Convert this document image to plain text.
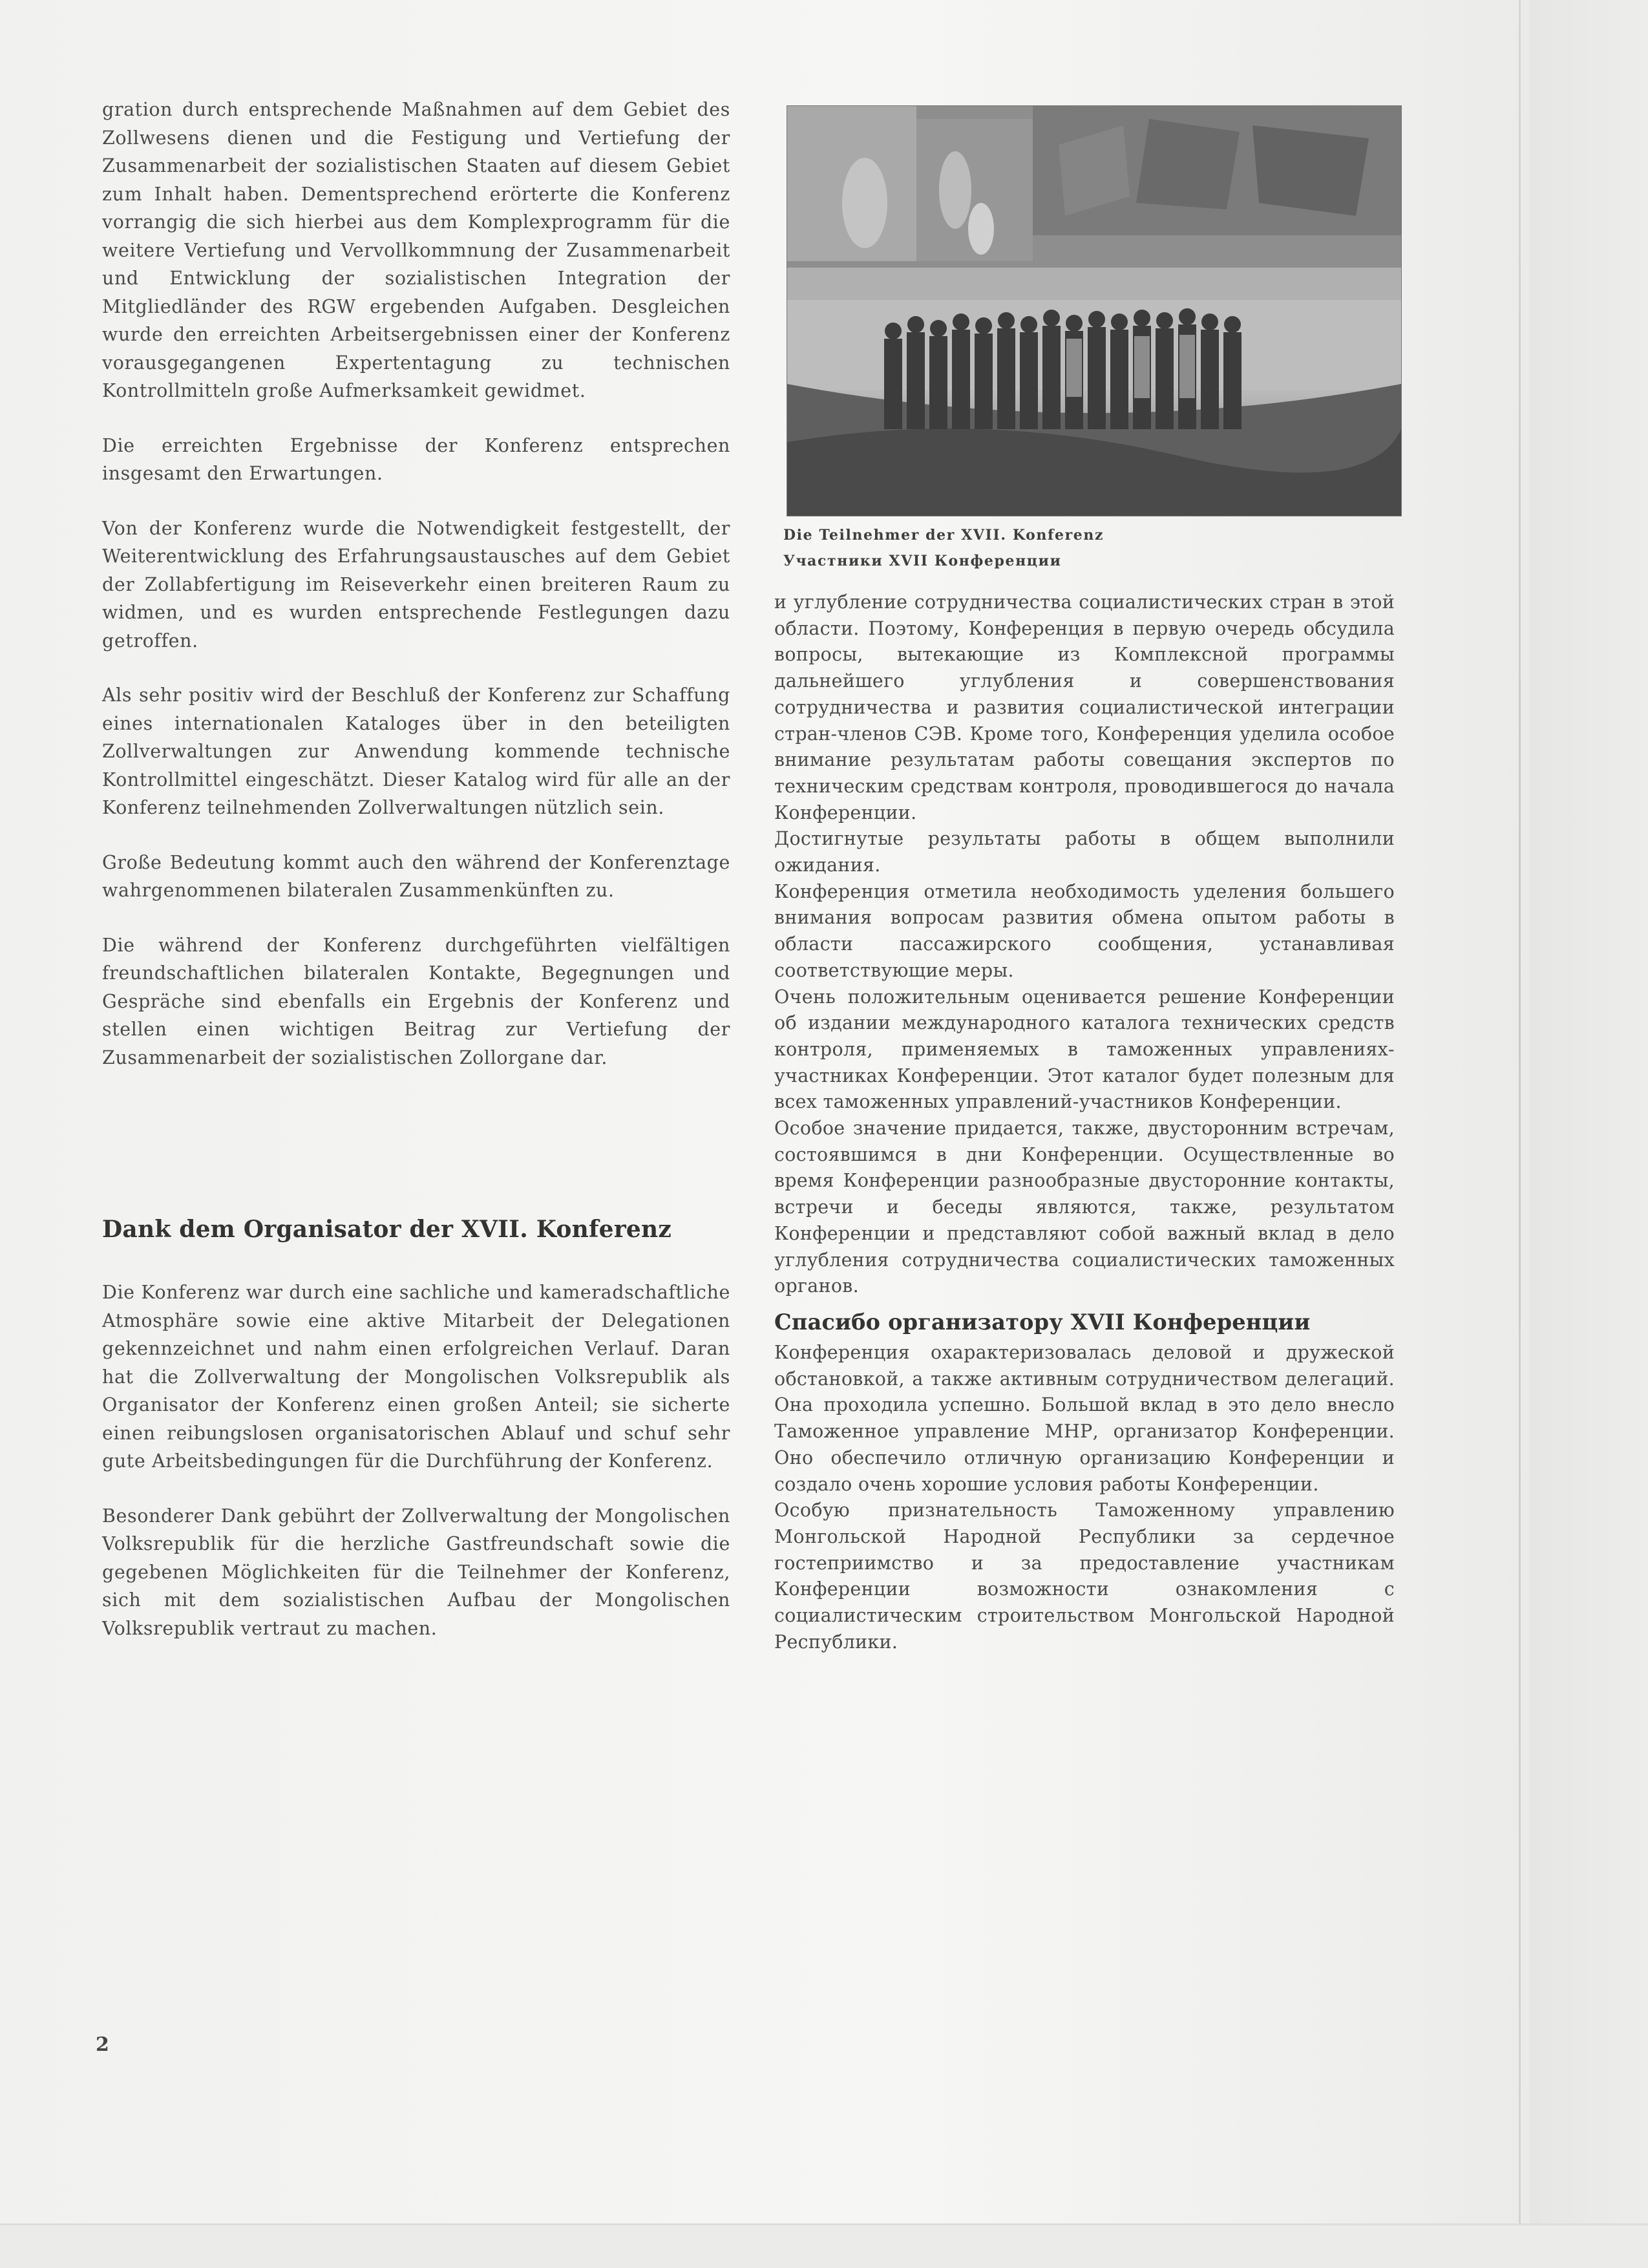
gration durch entsprechende Maßnahmen auf dem Gebiet des Zollwesens dienen und die Festigung und Vertiefung der Zusammenarbeit der sozialistischen Staaten auf diesem Gebiet zum Inhalt haben. Dementsprechend erörterte die Konferenz vorrangig die sich hierbei aus dem Komplexprogramm für die weitere Vertiefung und Vervollkommnung der Zusammenarbeit und Entwicklung der sozialistischen Integration der Mitgliedländer des RGW ergebenden Aufgaben. Desgleichen wurde den erreichten Arbeitsergebnissen einer der Konferenz vorausgegangenen Expertentagung zu technischen Kontrollmitteln große Aufmerksamkeit gewidmet.

Die erreichten Ergebnisse der Konferenz entsprechen insgesamt den Erwartungen.

Von der Konferenz wurde die Notwendigkeit festgestellt, der Weiterentwicklung des Erfahrungsaustausches auf dem Gebiet der Zollabfertigung im Reiseverkehr einen breiteren Raum zu widmen, und es wurden entsprechende Festlegungen dazu getroffen.

Als sehr positiv wird der Beschluß der Konferenz zur Schaffung eines internationalen Kataloges über in den beteiligten Zollverwaltungen zur Anwendung kommende technische Kontrollmittel eingeschätzt. Dieser Katalog wird für alle an der Konferenz teilnehmenden Zollverwaltungen nützlich sein.

Große Bedeutung kommt auch den während der Konferenztage wahrgenommenen bilateralen Zusammenkünften zu.

Die während der Konferenz durchgeführten vielfältigen freundschaftlichen bilateralen Kontakte, Begegnungen und Gespräche sind ebenfalls ein Ergebnis der Konferenz und stellen einen wichtigen Beitrag zur Vertiefung der Zusammenarbeit der sozialistischen Zollorgane dar.

Dank dem Organisator der XVII. Konferenz

Die Konferenz war durch eine sachliche und kameradschaftliche Atmosphäre sowie eine aktive Mitarbeit der Delegationen gekennzeichnet und nahm einen erfolgreichen Verlauf. Daran hat die Zollverwaltung der Mongolischen Volksrepublik als Organisator der Konferenz einen großen Anteil; sie sicherte einen reibungslosen organisatorischen Ablauf und schuf sehr gute Arbeitsbedingungen für die Durchführung der Konferenz.

Besonderer Dank gebührt der Zollverwaltung der Mongolischen Volksrepublik für die herzliche Gastfreundschaft sowie die gegebenen Möglichkeiten für die Teilnehmer der Konferenz, sich mit dem sozialistischen Aufbau der Mongolischen Volksrepublik vertraut zu machen.

Die Teilnehmer der XVII. Konferenz
Участники XVII Конференции

и углубление сотрудничества социалистических стран в этой области. Поэтому, Конференция в первую очередь обсудила вопросы, вытекающие из Комплексной программы дальнейшего углубления и совершенствования сотрудничества и развития социалистической интеграции стран-членов СЭВ. Кроме того, Конференция уделила особое внимание результатам работы совещания экспертов по техническим средствам контроля, проводившегося до начала Конференции.

Достигнутые результаты работы в общем выполнили ожидания.

Конференция отметила необходимость уделения большего внимания вопросам развития обмена опытом работы в области пассажирского сообщения, устанавливая соответствующие меры.

Очень положительным оценивается решение Конференции об издании международного каталога технических средств контроля, применяемых в таможенных управлениях-участниках Конференции. Этот каталог будет полезным для всех таможенных управлений-участников Конференции.

Особое значение придается, также, двусторонним встречам, состоявшимся в дни Конференции. Осуществленные во время Конференции разнообразные двусторонние контакты, встречи и беседы являются, также, результатом Конференции и представляют собой важный вклад в дело углубления сотрудничества социалистических таможенных органов.

Спасибо организатору XVII Конференции

Конференция охарактеризовалась деловой и дружеской обстановкой, а также активным сотрудничеством делегаций. Она проходила успешно. Большой вклад в это дело внесло Таможенное управление МНР, организатор Конференции. Оно обеспечило отличную организацию Конференции и создало очень хорошие условия работы Конференции.

Особую признательность Таможенному управлению Монгольской Народной Республики за сердечное гостеприимство и за предоставление участникам Конференции возможности ознакомления с социалистическим строительством Монгольской Народной Республики.

2
